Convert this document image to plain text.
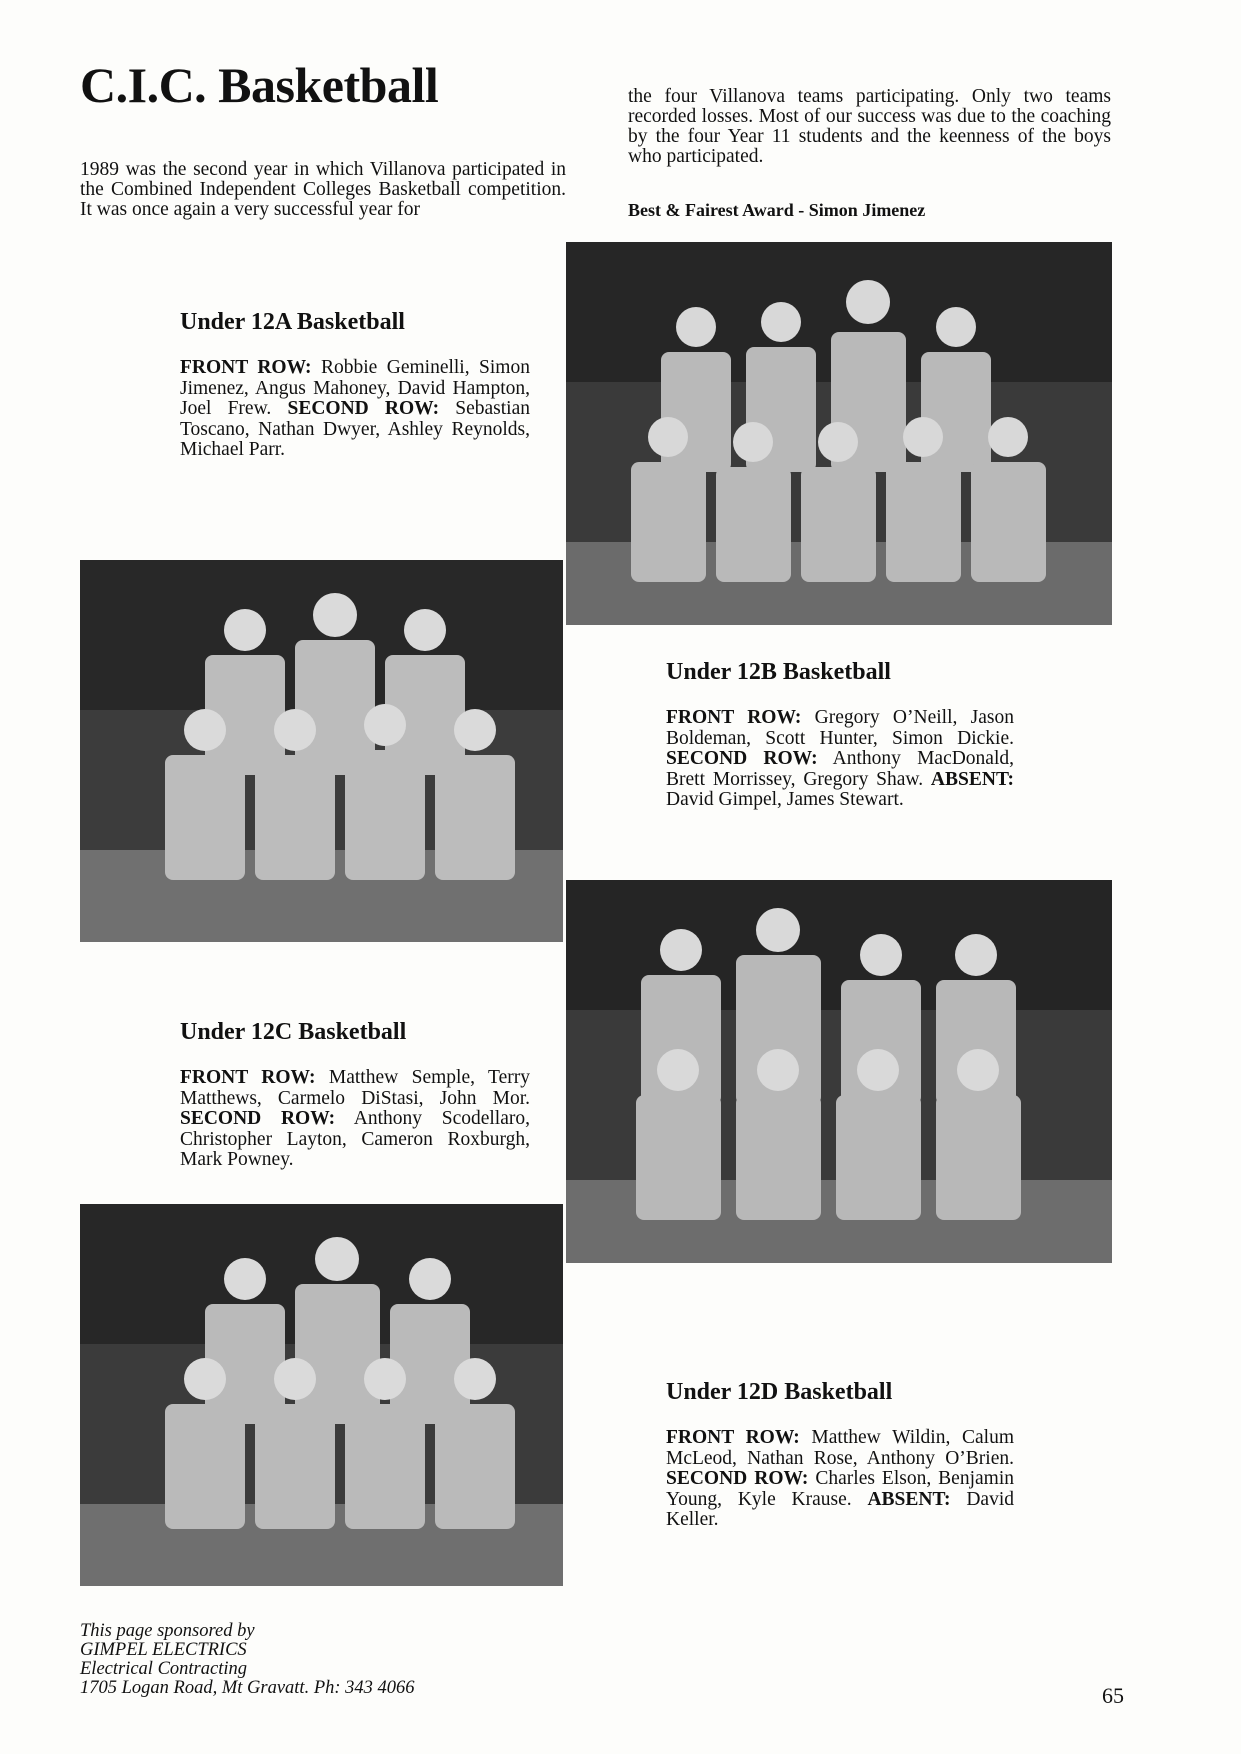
C.I.C. Basketball

1989 was the second year in which Villanova participated in the Combined Independent Colleges Basketball competition. It was once again a very successful year for

the four Villanova teams participating. Only two teams recorded losses. Most of our success was due to the coaching by the four Year 11 students and the keenness of the boys who participated.

Best & Fairest Award - Simon Jimenez

Under 12A Basketball

FRONT ROW: Robbie Geminelli, Simon Jimenez, Angus Mahoney, David Hampton, Joel Frew. SECOND ROW: Sebastian Toscano, Nathan Dwyer, Ashley Reynolds, Michael Parr.

Under 12B Basketball

FRONT ROW: Gregory O’Neill, Jason Boldeman, Scott Hunter, Simon Dickie. SECOND ROW: Anthony MacDonald, Brett Morrissey, Gregory Shaw. ABSENT: David Gimpel, James Stewart.

Under 12C Basketball

FRONT ROW: Matthew Semple, Terry Matthews, Carmelo DiStasi, John Mor. SECOND ROW: Anthony Scodellaro, Christopher Layton, Cameron Roxburgh, Mark Powney.

Under 12D Basketball

FRONT ROW: Matthew Wildin, Calum McLeod, Nathan Rose, Anthony O’Brien. SECOND ROW: Charles Elson, Benjamin Young, Kyle Krause. ABSENT: David Keller.

This page sponsored by
GIMPEL ELECTRICS
Electrical Contracting
1705 Logan Road, Mt Gravatt. Ph: 343 4066	65
